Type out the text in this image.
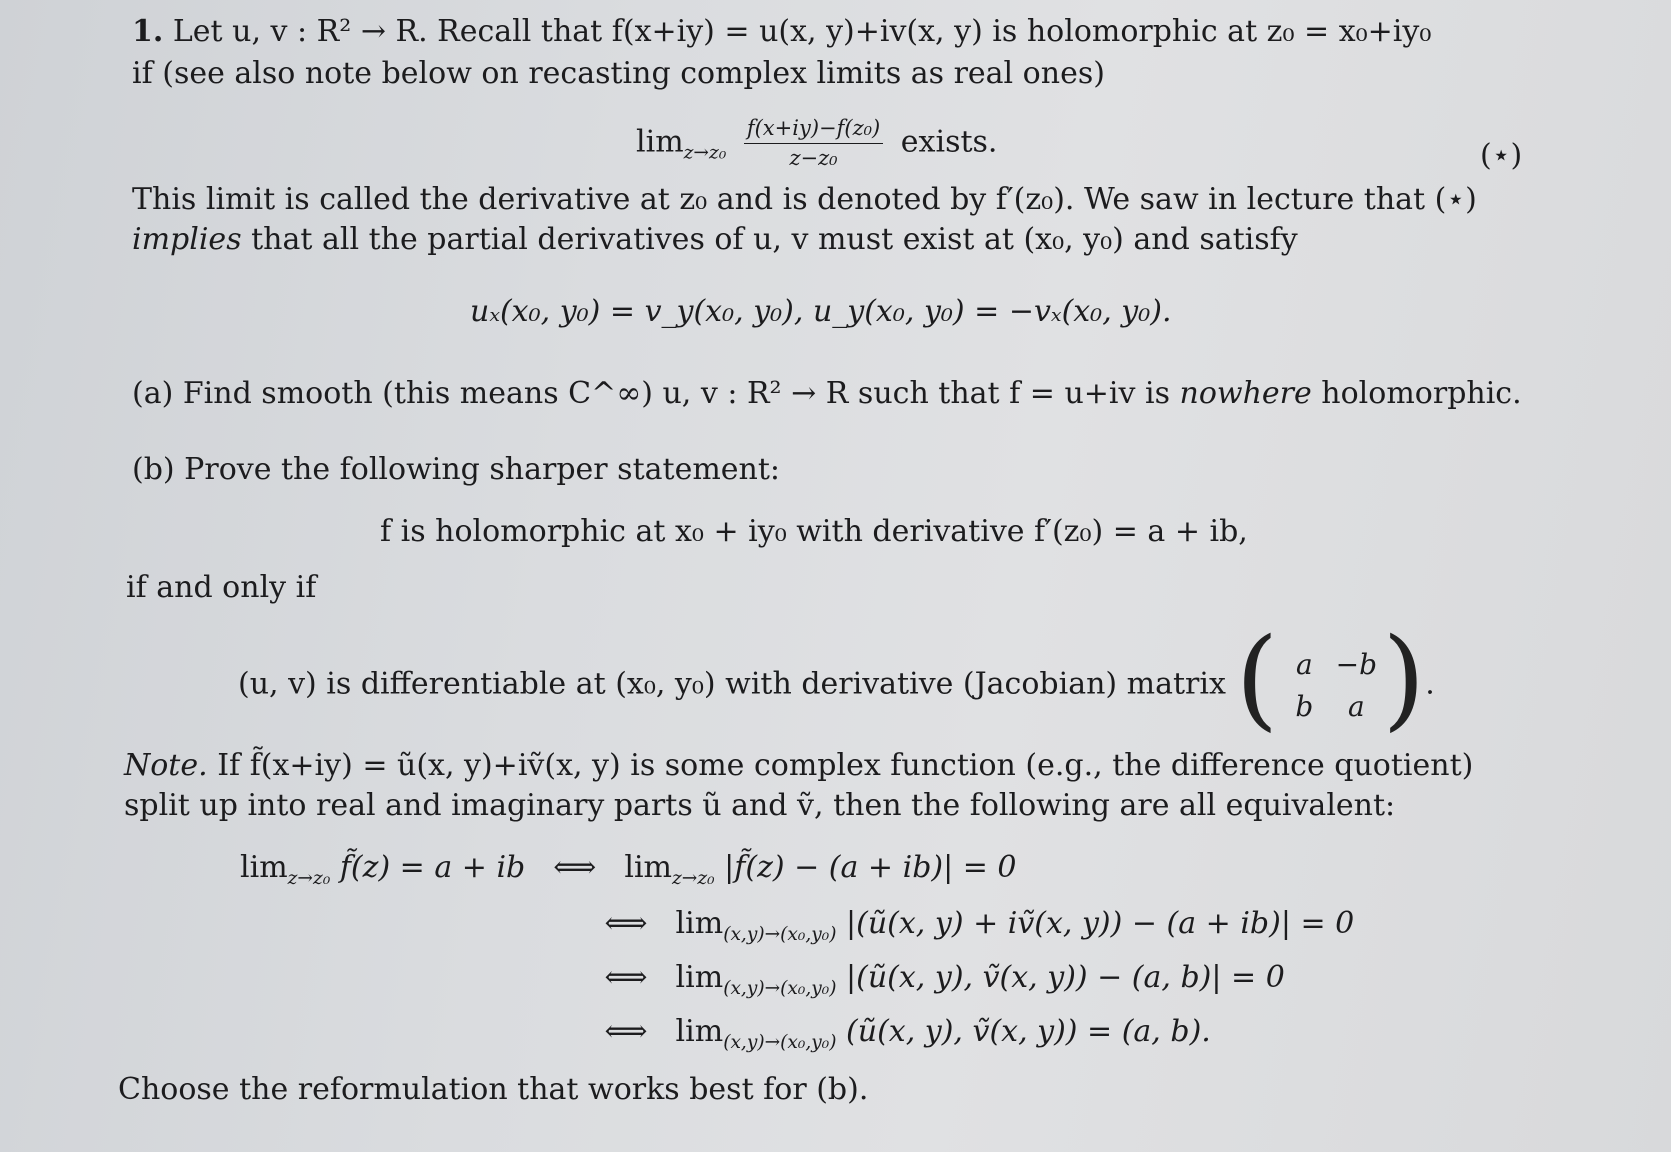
1. Let u, v : R² → R. Recall that f(x+iy) = u(x, y)+iv(x, y) is holomorphic at z₀ = x₀+iy₀
if (see also note below on recasting complex limits as real ones)
$\lim_{z\to z_0} \frac{\text{f(x+iy)−f(z₀)}}{\text{z−z₀}}$ exists.	(⋆)
This limit is called the derivative at z₀ and is denoted by f′(z₀). We saw in lecture that (⋆)
implies that all the partial derivatives of u, v must exist at (x₀, y₀) and satisfy
uₓ(x₀, y₀) = v_y(x₀, y₀), u_y(x₀, y₀) = −vₓ(x₀, y₀).
(a) Find smooth (this means C^∞) u, v : R² → R such that f = u+iv is nowhere holomorphic.
(b) Prove the following sharper statement:
f is holomorphic at x₀ + iy₀ with derivative f′(z₀) = a + ib,
if and only if
(u, v) is differentiable at (x₀, y₀) with derivative (Jacobian) matrix ( a −b
b	a ).
Note. If f̃(x+iy) = ũ(x, y)+iṽ(x, y) is some complex function (e.g., the difference quotient)
split up into real and imaginary parts ũ and ṽ, then the following are all equivalent:
$\lim_{z\to z_0}$ f̃(z) = a + ib ⟺ $\lim_{z\to z_0}$ |f̃(z) − (a + ib)| = 0
⟺ $\lim_{(x,y)\to(x_0,y_0)}$ |(ũ(x, y) + iṽ(x, y)) − (a + ib)| = 0
⟺ $\lim_{(x,y)\to(x_0,y_0)}$ |(ũ(x, y), ṽ(x, y)) − (a, b)| = 0
⟺ $\lim_{(x,y)\to(x_0,y_0)}$ (ũ(x, y), ṽ(x, y)) = (a, b).
Choose the reformulation that works best for (b).
